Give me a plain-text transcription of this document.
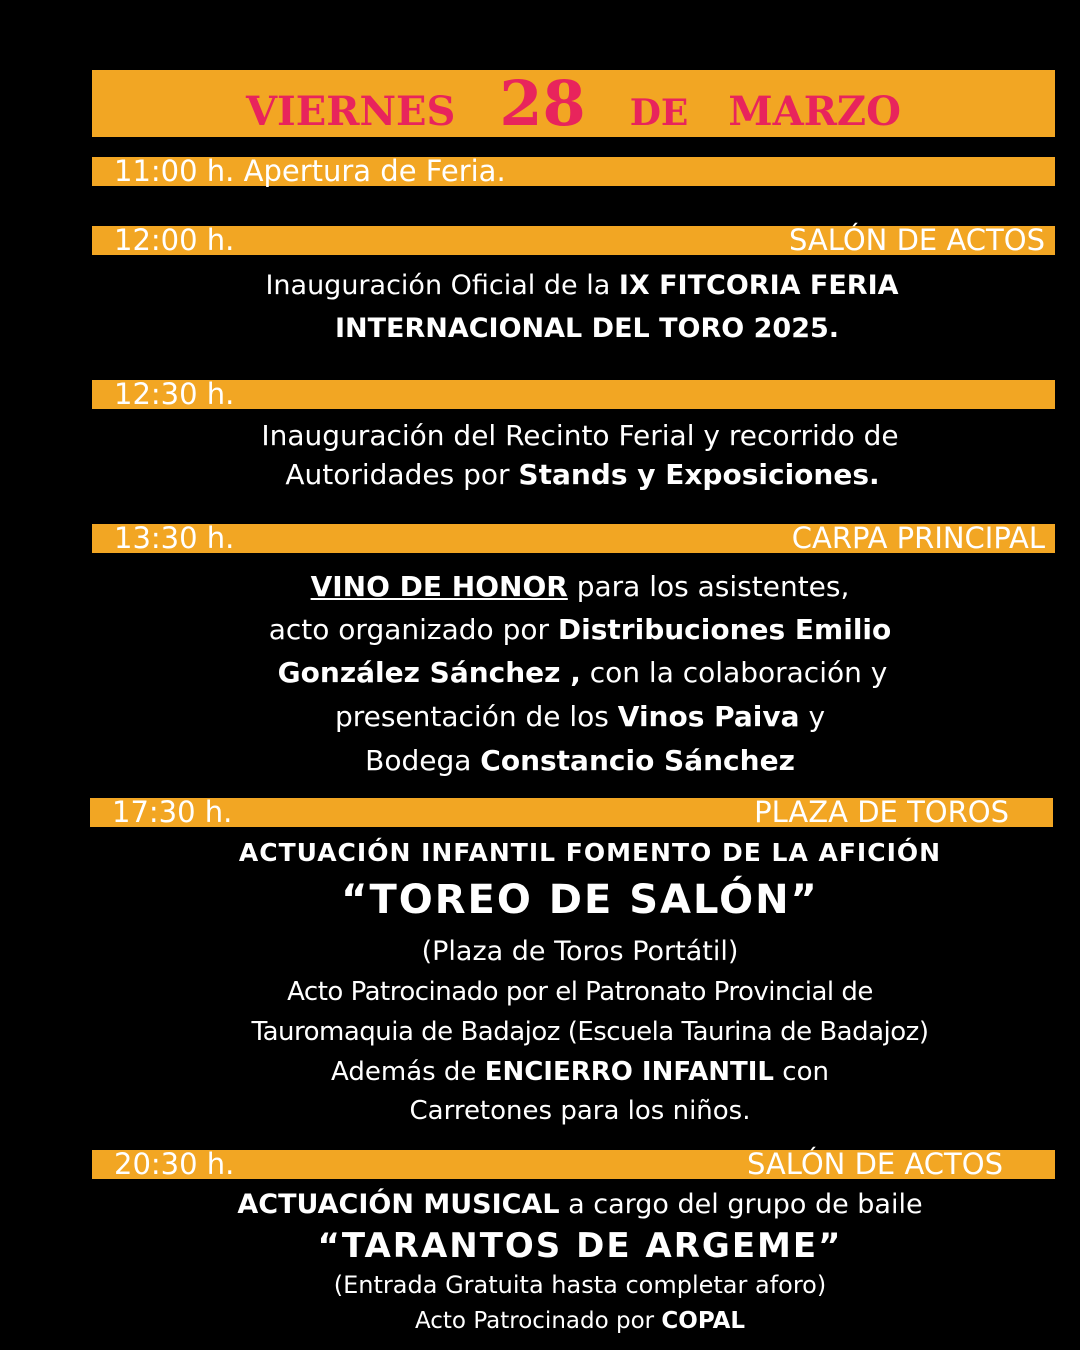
VIERNES 28 DE MARZO
11:00 h. Apertura de Feria.
12:00 h.	SALÓN DE ACTOS
Inauguración Oficial de la IX FITCORIA FERIA
INTERNACIONAL DEL TORO 2025.
12:30 h.
Inauguración del Recinto Ferial y recorrido de
Autoridades por Stands y Exposiciones.
13:30 h.	CARPA PRINCIPAL
VINO DE HONOR para los asistentes,
acto organizado por Distribuciones Emilio
González Sánchez , con la colaboración y
presentación de los Vinos Paiva y
Bodega Constancio Sánchez
17:30 h.	PLAZA DE TOROS
ACTUACIÓN INFANTIL FOMENTO DE LA AFICIÓN
“TOREO DE SALÓN”
(Plaza de Toros Portátil)
Acto Patrocinado por el Patronato Provincial de
Tauromaquia de Badajoz (Escuela Taurina de Badajoz)
Además de ENCIERRO INFANTIL con
Carretones para los niños.
20:30 h.	SALÓN DE ACTOS
ACTUACIÓN MUSICAL a cargo del grupo de baile
“TARANTOS DE ARGEME”
(Entrada Gratuita hasta completar aforo)
Acto Patrocinado por COPAL
